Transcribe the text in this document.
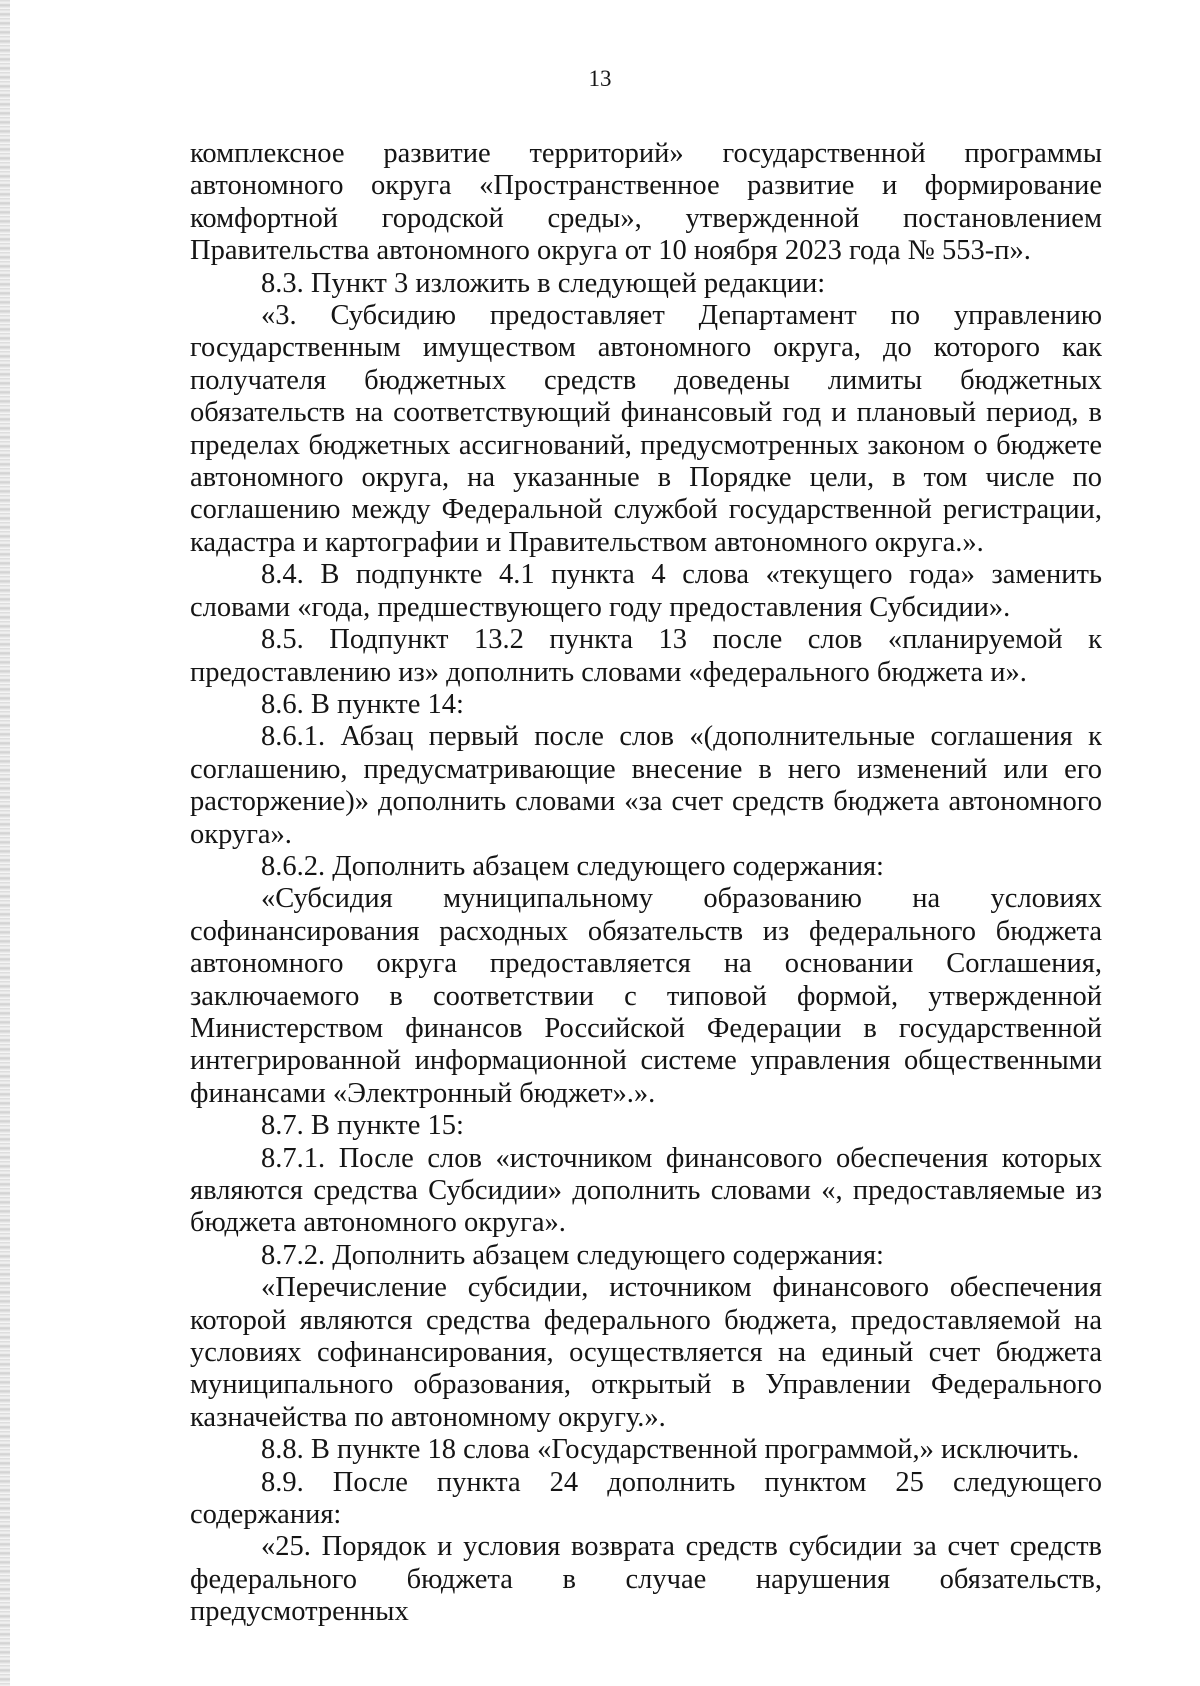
13

комплексное развитие территорий» государственной программы автономного округа «Пространственное развитие и формирование комфортной городской среды», утвержденной постановлением Правительства автономного округа от 10 ноября 2023 года № 553-п».

8.3. Пункт 3 изложить в следующей редакции:

«3. Субсидию предоставляет Департамент по управлению государственным имуществом автономного округа, до которого как получателя бюджетных средств доведены лимиты бюджетных обязательств на соответствующий финансовый год и плановый период, в пределах бюджетных ассигнований, предусмотренных законом о бюджете автономного округа, на указанные в Порядке цели, в том числе по соглашению между Федеральной службой государственной регистрации, кадастра и картографии и Правительством автономного округа.».

8.4. В подпункте 4.1 пункта 4 слова «текущего года» заменить словами «года, предшествующего году предоставления Субсидии».

8.5. Подпункт 13.2 пункта 13 после слов «планируемой к предоставлению из» дополнить словами «федерального бюджета и».

8.6. В пункте 14:

8.6.1. Абзац первый после слов «(дополнительные соглашения к соглашению, предусматривающие внесение в него изменений или его расторжение)» дополнить словами «за счет средств бюджета автономного округа».

8.6.2. Дополнить абзацем следующего содержания:

«Субсидия муниципальному образованию на условиях софинансирования расходных обязательств из федерального бюджета автономного округа предоставляется на основании Соглашения, заключаемого в соответствии с типовой формой, утвержденной Министерством финансов Российской Федерации в государственной интегрированной информационной системе управления общественными финансами «Электронный бюджет».».

8.7. В пункте 15:

8.7.1. После слов «источником финансового обеспечения которых являются средства Субсидии» дополнить словами «, предоставляемые из бюджета автономного округа».

8.7.2. Дополнить абзацем следующего содержания:

«Перечисление субсидии, источником финансового обеспечения которой являются средства федерального бюджета, предоставляемой на условиях софинансирования, осуществляется на единый счет бюджета муниципального образования, открытый в Управлении Федерального казначейства по автономному округу.».

8.8. В пункте 18 слова «Государственной программой,» исключить.

8.9. После пункта 24 дополнить пунктом 25 следующего содержания:

«25. Порядок и условия возврата средств субсидии за счет средств федерального бюджета в случае нарушения обязательств, предусмотренных
